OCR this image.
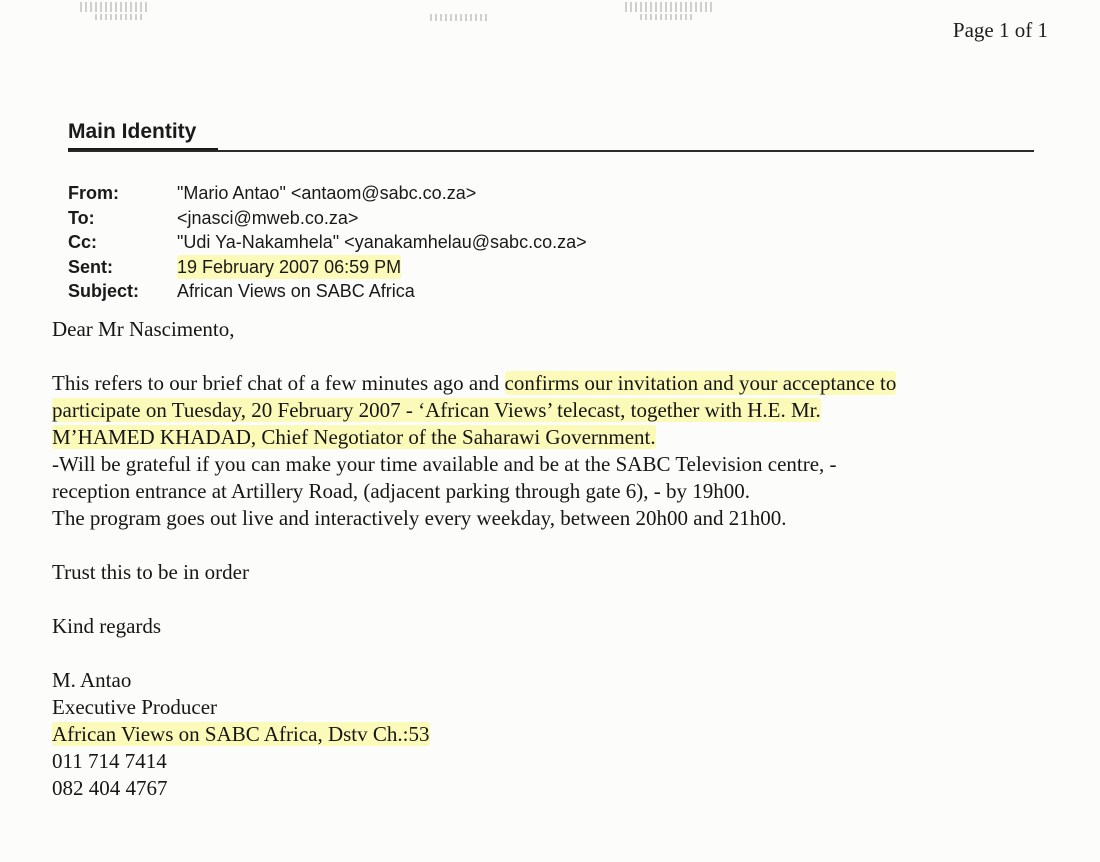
Page 1 of 1
Main Identity
From:	"Mario Antao" <antaom@sabc.co.za>
To:	<jnasci@mweb.co.za>
Cc:	"Udi Ya-Nakamhela" <yanakamhelau@sabc.co.za>
Sent:	19 February 2007 06:59 PM
Subject:	African Views on SABC Africa

Dear Mr Nascimento,

This refers to our brief chat of a few minutes ago and confirms our invitation and your acceptance to
participate on Tuesday, 20 February 2007 - ‘African Views’ telecast, together with H.E. Mr.
M’HAMED KHADAD, Chief Negotiator of the Saharawi Government.
-Will be grateful if you can make your time available and be at the SABC Television centre, -
reception entrance at Artillery Road, (adjacent parking through gate 6), - by 19h00.
The program goes out live and interactively every weekday, between 20h00 and 21h00.

Trust this to be in order

Kind regards

M. Antao
Executive Producer
African Views on SABC Africa, Dstv Ch.:53
011 714 7414
082 404 4767
